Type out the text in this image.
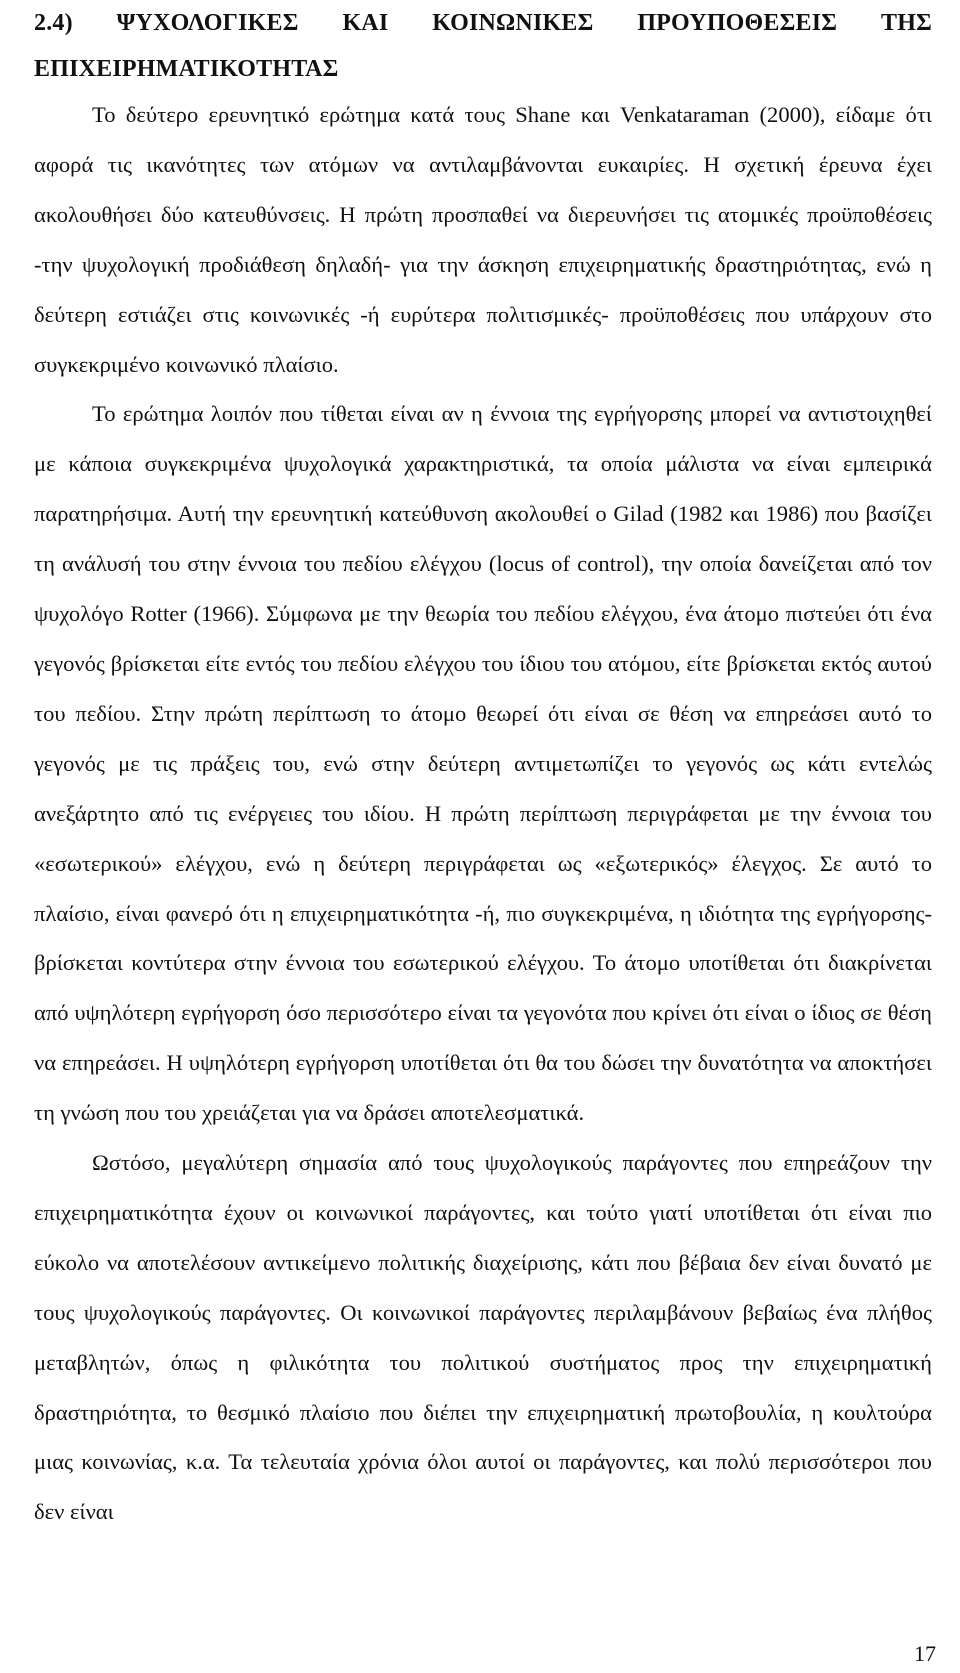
2.4) ΨΥΧΟΛΟΓΙΚΕΣ ΚΑΙ ΚΟΙΝΩΝΙΚΕΣ ΠΡΟΥΠΟΘΕΣΕΙΣ ΤΗΣ
ΕΠΙΧΕΙΡΗΜΑΤΙΚΟΤΗΤΑΣ

Το δεύτερο ερευνητικό ερώτημα κατά τους Shane και Venkataraman (2000), είδαμε ότι αφορά τις ικανότητες των ατόμων να αντιλαμβάνονται ευκαιρίες. Η σχετική έρευνα έχει ακολουθήσει δύο κατευθύνσεις. Η πρώτη προσπαθεί να διερευνήσει τις ατομικές προϋποθέσεις -την ψυχολογική προδιάθεση δηλαδή- για την άσκηση επιχειρηματικής δραστηριότητας, ενώ η δεύτερη εστιάζει στις κοινωνικές -ή ευρύτερα πολιτισμικές- προϋποθέσεις που υπάρχουν στο συγκεκριμένο κοινωνικό πλαίσιο.

Το ερώτημα λοιπόν που τίθεται είναι αν η έννοια της εγρήγορσης μπορεί να αντιστοιχηθεί με κάποια συγκεκριμένα ψυχολογικά χαρακτηριστικά, τα οποία μάλιστα να είναι εμπειρικά παρατηρήσιμα. Αυτή την ερευνητική κατεύθυνση ακολουθεί ο Gilad (1982 και 1986) που βασίζει τη ανάλυσή του στην έννοια του πεδίου ελέγχου (locus of control), την οποία δανείζεται από τον ψυχολόγο Rotter (1966). Σύμφωνα με την θεωρία του πεδίου ελέγχου, ένα άτομο πιστεύει ότι ένα γεγονός βρίσκεται είτε εντός του πεδίου ελέγχου του ίδιου του ατόμου, είτε βρίσκεται εκτός αυτού του πεδίου. Στην πρώτη περίπτωση το άτομο θεωρεί ότι είναι σε θέση να επηρεάσει αυτό το γεγονός με τις πράξεις του, ενώ στην δεύτερη αντιμετωπίζει το γεγονός ως κάτι εντελώς ανεξάρτητο από τις ενέργειες του ιδίου. Η πρώτη περίπτωση περιγράφεται με την έννοια του «εσωτερικού» ελέγχου, ενώ η δεύτερη περιγράφεται ως «εξωτερικός» έλεγχος. Σε αυτό το πλαίσιο, είναι φανερό ότι η επιχειρηματικότητα -ή, πιο συγκεκριμένα, η ιδιότητα της εγρήγορσης- βρίσκεται κοντύτερα στην έννοια του εσωτερικού ελέγχου. Το άτομο υποτίθεται ότι διακρίνεται από υψηλότερη εγρήγορση όσο περισσότερο είναι τα γεγονότα που κρίνει ότι είναι ο ίδιος σε θέση να επηρεάσει. Η υψηλότερη εγρήγορση υποτίθεται ότι θα του δώσει την δυνατότητα να αποκτήσει τη γνώση που του χρειάζεται για να δράσει αποτελεσματικά.

Ωστόσο, μεγαλύτερη σημασία από τους ψυχολογικούς παράγοντες που επηρεάζουν την επιχειρηματικότητα έχουν οι κοινωνικοί παράγοντες, και τούτο γιατί υποτίθεται ότι είναι πιο εύκολο να αποτελέσουν αντικείμενο πολιτικής διαχείρισης, κάτι που βέβαια δεν είναι δυνατό με τους ψυχολογικούς παράγοντες. Οι κοινωνικοί παράγοντες περιλαμβάνουν βεβαίως ένα πλήθος μεταβλητών, όπως η φιλικότητα του πολιτικού συστήματος προς την επιχειρηματική δραστηριότητα, το θεσμικό πλαίσιο που διέπει την επιχειρηματική πρωτοβουλία, η κουλτούρα μιας κοινωνίας, κ.α. Τα τελευταία χρόνια όλοι αυτοί οι παράγοντες, και πολύ περισσότεροι που δεν είναι

17
